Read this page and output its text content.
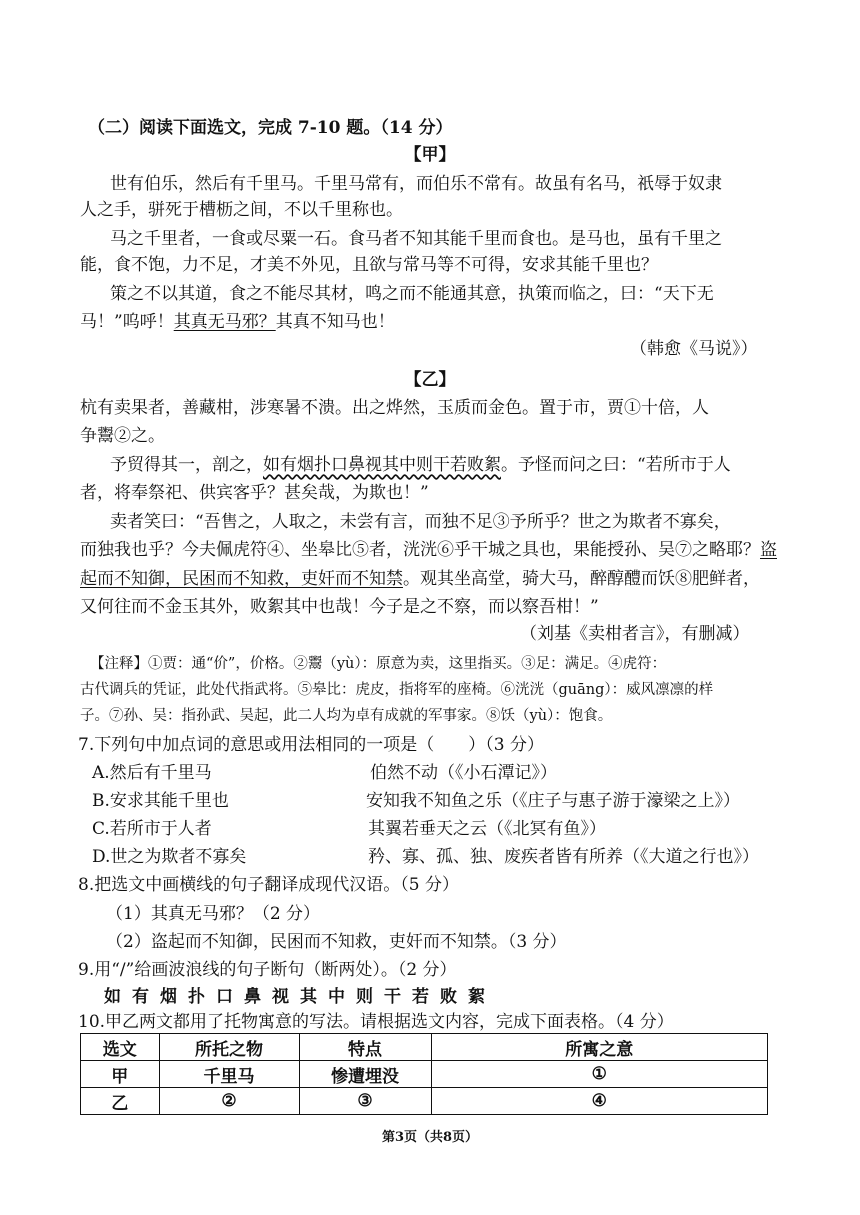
（二）阅读下面选文，完成 7-10 题。（14 分）
【甲】
世有伯乐，然后有千里马。千里马常有，而伯乐不常有。故虽有名马，祇辱于奴隶
人之手，骈死于槽枥之间，不以千里称也。
马之千里者，一食或尽粟一石。食马者不知其能千里而食也。是马也，虽有千里之
能，食不饱，力不足，才美不外见，且欲与常马等不可得，安求其能千里也？
策之不以其道，食之不能尽其材，鸣之而不能通其意，执策而临之，曰：“天下无
马！”呜呼！其真无马邪？其真不知马也！
（韩愈《马说》）
【乙】
杭有卖果者，善藏柑，涉寒暑不溃。出之烨然，玉质而金色。置于市，贾①十倍，人
争鬻②之。
予贸得其一，剖之，如有烟扑口鼻视其中则干若败絮。予怪而问之曰：“若所市于人
者，将奉祭祀、供宾客乎？甚矣哉，为欺也！”
卖者笑曰：“吾售之，人取之，未尝有言，而独不足③予所乎？世之为欺者不寡矣，
而独我也乎？今夫佩虎符④、坐皋比⑤者，洸洸⑥乎干城之具也，果能授孙、吴⑦之略耶？盗
起而不知御，民困而不知救，吏奸而不知禁。观其坐高堂，骑大马，醉醇醴而饫⑧肥鲜者，
又何往而不金玉其外，败絮其中也哉！今子是之不察，而以察吾柑！”
（刘基《卖柑者言》，有删减）
【注释】①贾：通“价”，价格。②鬻（yù）：原意为卖，这里指买。③足：满足。④虎符：
古代调兵的凭证，此处代指武将。⑤皋比：虎皮，指将军的座椅。⑥洸洸（guāng）：威风凛凛的样
子。⑦孙、吴：指孙武、吴起，此二人均为卓有成就的军事家。⑧饫（yù）：饱食。
7.下列句中加点词的意思或用法相同的一项是（　　）（3 分）
A.然后有千里马	伯然不动（《小石潭记》）
B.安求其能千里也	安知我不知鱼之乐（《庄子与惠子游于濠梁之上》）
C.若所市于人者	其翼若垂天之云（《北冥有鱼》）
D.世之为欺者不寡矣	矜、寡、孤、独、废疾者皆有所养（《大道之行也》）
8.把选文中画横线的句子翻译成现代汉语。（5 分）
（1）其真无马邪？（2 分）
（2）盗起而不知御，民困而不知救，吏奸而不知禁。（3 分）
9.用“/”给画波浪线的句子断句（断两处）。（2 分）
如有烟扑口鼻视其中则干若败絮
10.甲乙两文都用了托物寓意的写法。请根据选文内容，完成下面表格。（4 分）
选文	所托之物	特点	所寓之意
甲	千里马	惨遭埋没	①
乙	②	③	④
第3页（共8页）
